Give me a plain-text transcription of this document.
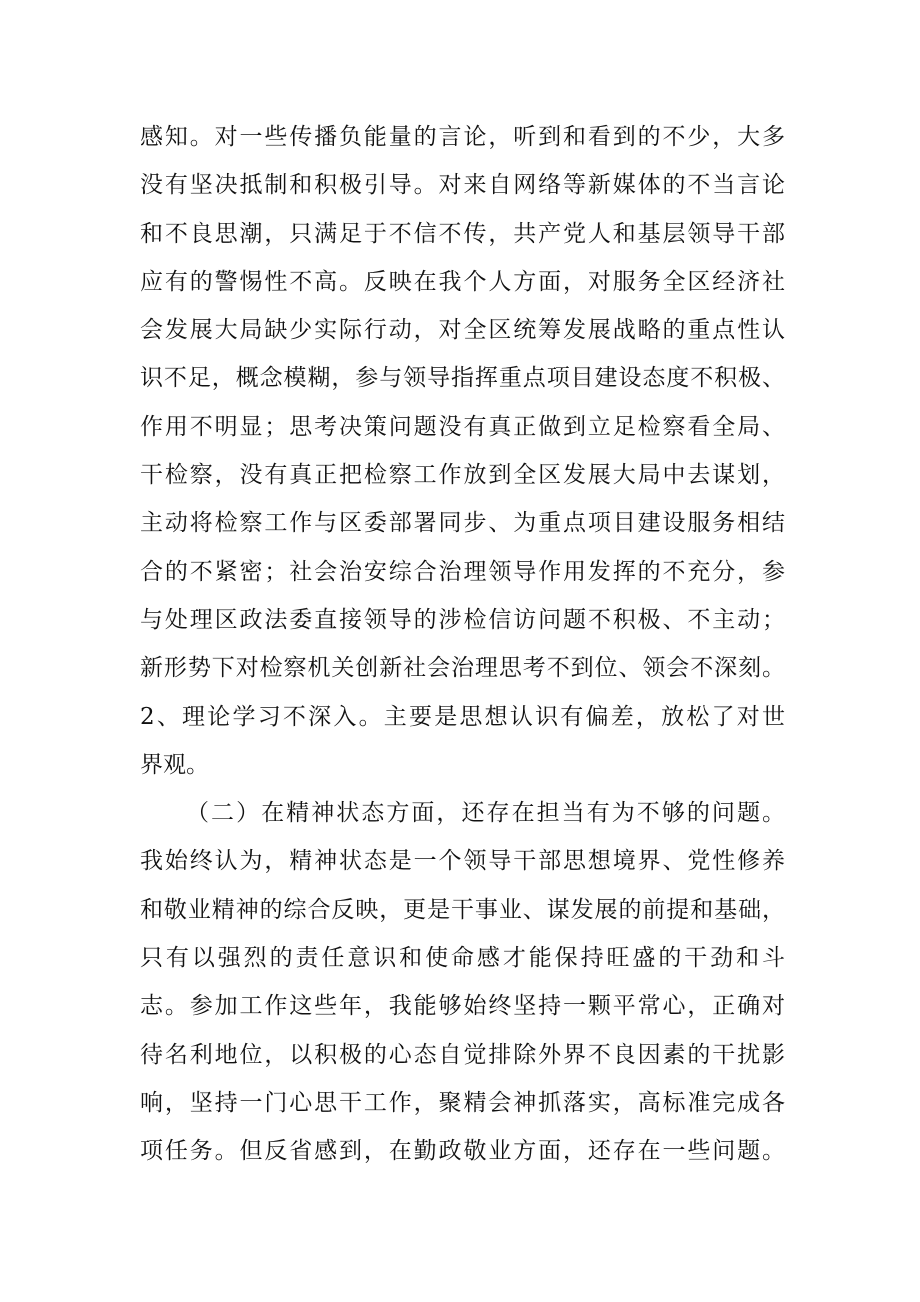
感知。对一些传播负能量的言论，听到和看到的不少，大多
没有坚决抵制和积极引导。对来自网络等新媒体的不当言论
和不良思潮，只满足于不信不传，共产党人和基层领导干部
应有的警惕性不高。反映在我个人方面，对服务全区经济社
会发展大局缺少实际行动，对全区统筹发展战略的重点性认
识不足，概念模糊，参与领导指挥重点项目建设态度不积极、
作用不明显；思考决策问题没有真正做到立足检察看全局、
干检察，没有真正把检察工作放到全区发展大局中去谋划，
主动将检察工作与区委部署同步、为重点项目建设服务相结
合的不紧密；社会治安综合治理领导作用发挥的不充分，参
与处理区政法委直接领导的涉检信访问题不积极、不主动；
新形势下对检察机关创新社会治理思考不到位、领会不深刻。
2、理论学习不深入。主要是思想认识有偏差，放松了对世
界观。
（二）在精神状态方面，还存在担当有为不够的问题。
我始终认为，精神状态是一个领导干部思想境界、党性修养
和敬业精神的综合反映，更是干事业、谋发展的前提和基础，
只有以强烈的责任意识和使命感才能保持旺盛的干劲和斗
志。参加工作这些年，我能够始终坚持一颗平常心，正确对
待名利地位，以积极的心态自觉排除外界不良因素的干扰影
响，坚持一门心思干工作，聚精会神抓落实，高标准完成各
项任务。但反省感到，在勤政敬业方面，还存在一些问题。
